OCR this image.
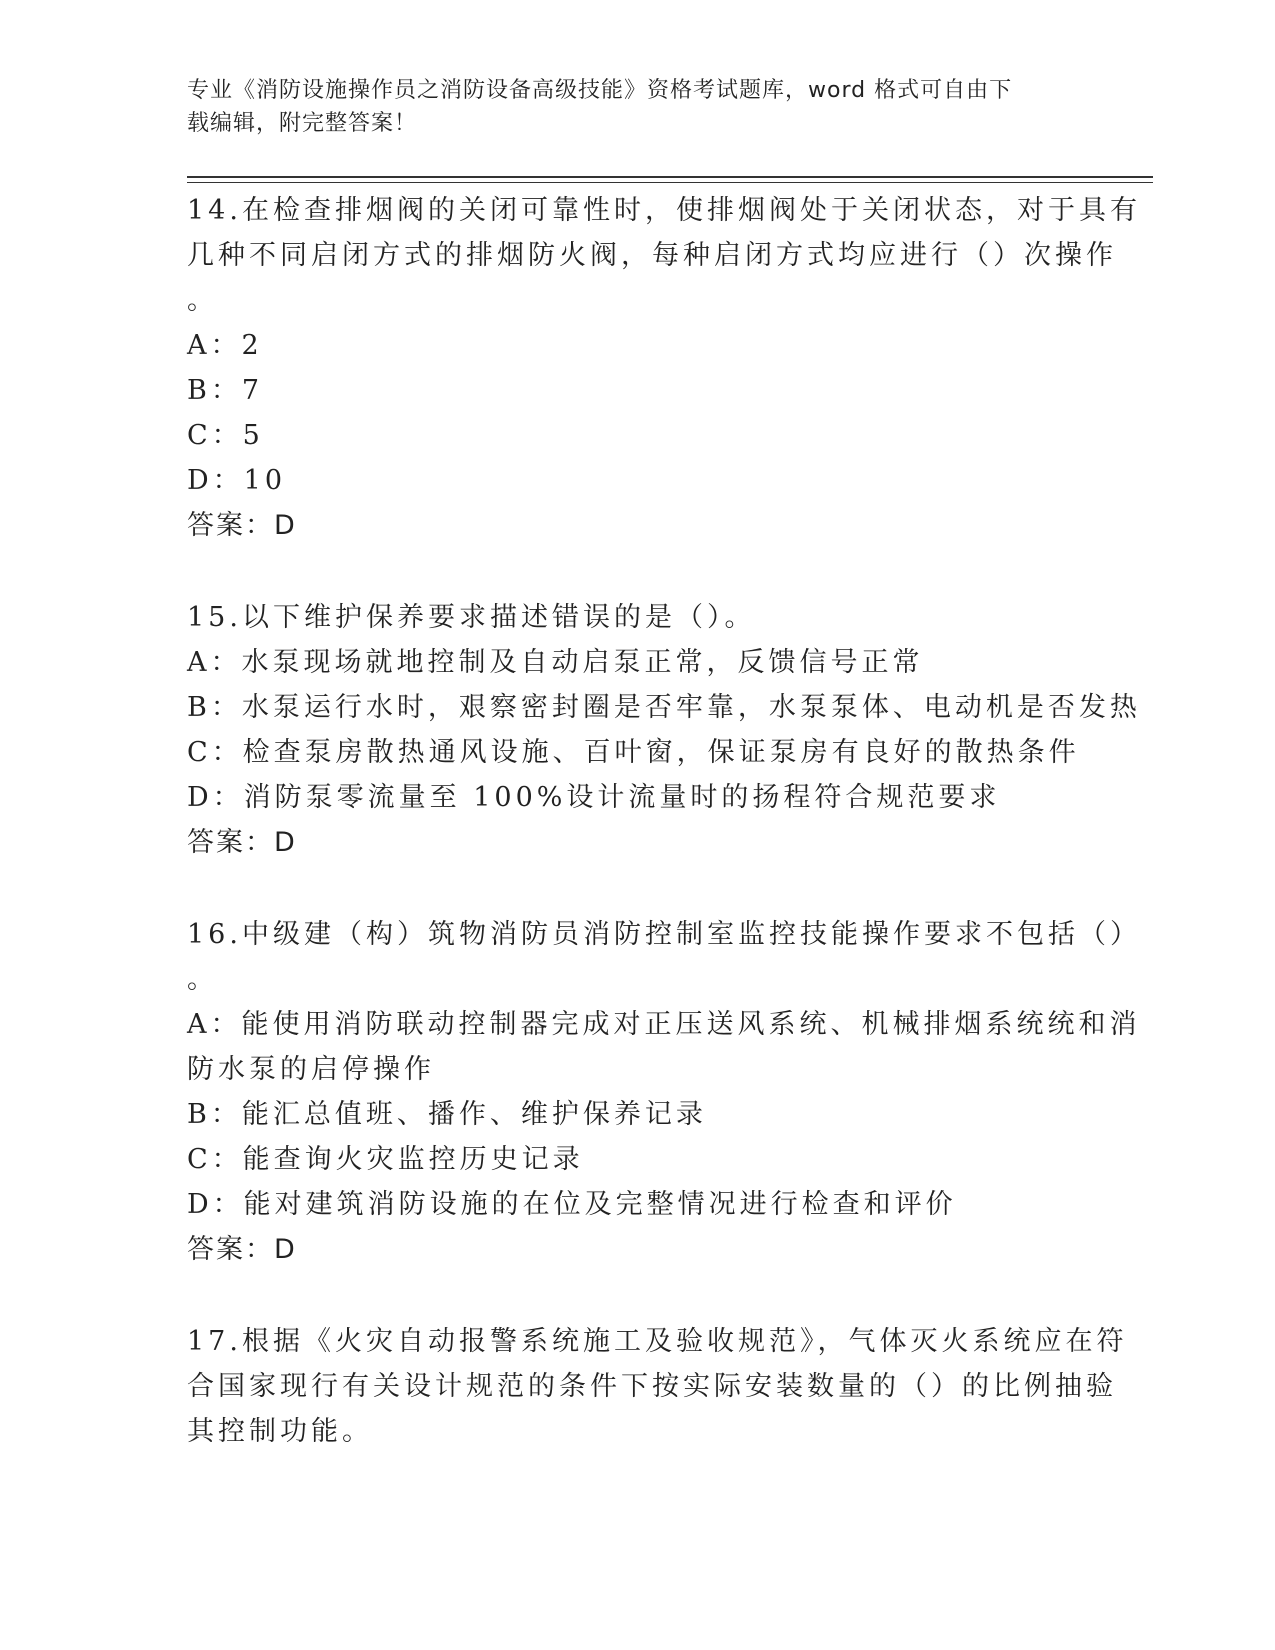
专业《消防设施操作员之消防设备高级技能》资格考试题库，word 格式可自由下
载编辑，附完整答案！
14.在检查排烟阀的关闭可靠性时，使排烟阀处于关闭状态，对于具有
几种不同启闭方式的排烟防火阀，每种启闭方式均应进行（）次操作
。
A：2
B：7
C：5
D：10
答案：D
15.以下维护保养要求描述错误的是（）。
A：水泵现场就地控制及自动启泵正常，反馈信号正常
B：水泵运行水时，艰察密封圈是否牢靠，水泵泵体、电动机是否发热
C：检查泵房散热通风设施、百叶窗，保证泵房有良好的散热条件
D：消防泵零流量至 100%设计流量时的扬程符合规范要求
答案：D
16.中级建（构）筑物消防员消防控制室监控技能操作要求不包括（）
。
A：能使用消防联动控制器完成对正压送风系统、机械排烟系统统和消
防水泵的启停操作
B：能汇总值班、播作、维护保养记录
C：能查询火灾监控历史记录
D：能对建筑消防设施的在位及完整情况进行检查和评价
答案：D
17.根据《火灾自动报警系统施工及验收规范》，气体灭火系统应在符
合国家现行有关设计规范的条件下按实际安装数量的（）的比例抽验
其控制功能。
